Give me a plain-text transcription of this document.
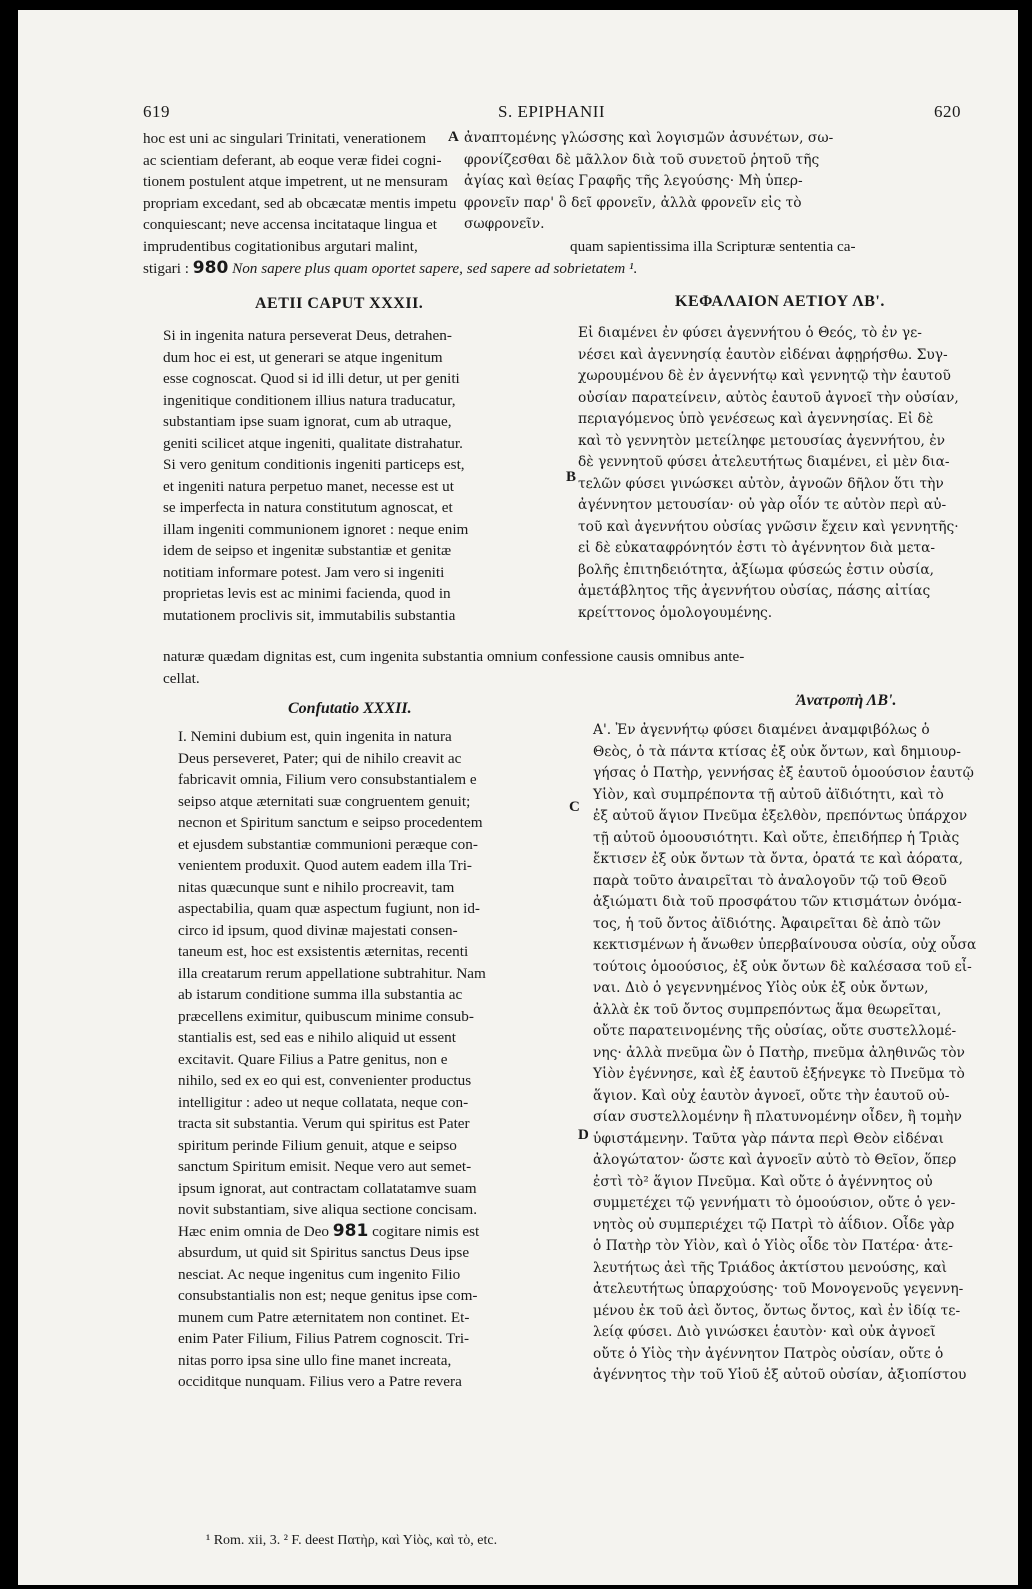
619	S. EPIPHANII	620
A
B
C
D
hoc est uni ac singulari Trinitati, venerationem
ac scientiam deferant, ab eoque veræ fidei cogni-
tionem postulent atque impetrent, ut ne mensuram
propriam excedant, sed ab obcæcatæ mentis impetu
conquiescant; neve accensa incitataque lingua et
ἀναπτομένης γλώσσης καὶ λογισμῶν ἀσυνέτων, σω-
φρονίζεσθαι δὲ μᾶλλον διὰ τοῦ συνετοῦ ῥητοῦ τῆς
ἁγίας καὶ θείας Γραφῆς τῆς λεγούσης· Μὴ ὑπερ-
φρονεῖν παρ' ὃ δεῖ φρονεῖν, ἀλλὰ φρονεῖν εἰς τὸ
σωφρονεῖν.
imprudentibus cogitationibus argutari malint,	quam sapientissima illa Scripturæ sententia ca-
stigari : 980 Non sapere plus quam oportet sapere, sed sapere ad sobrietatem ¹.
AETII CAPUT XXXII.	ΚΕΦΑΛΑΙΟΝ ΑΕΤΙΟΥ ΛΒ'.
Si in ingenita natura perseverat Deus, detrahen-
dum hoc ei est, ut generari se atque ingenitum
esse cognoscat. Quod si id illi detur, ut per geniti
ingenitique conditionem illius natura traducatur,
substantiam ipse suam ignorat, cum ab utraque,
geniti scilicet atque ingeniti, qualitate distrahatur.
Si vero genitum conditionis ingeniti particeps est,
et ingeniti natura perpetuo manet, necesse est ut
se imperfecta in natura constitutum agnoscat, et
illam ingeniti communionem ignoret : neque enim
idem de seipso et ingenitæ substantiæ et genitæ
notitiam informare potest. Jam vero si ingeniti
proprietas levis est ac minimi facienda, quod in
mutationem proclivis sit, immutabilis substantia
Εἰ διαμένει ἐν φύσει ἀγεννήτου ὁ Θεός, τὸ ἐν γε-
νέσει καὶ ἀγεννησίᾳ ἑαυτὸν εἰδέναι ἀφῃρήσθω. Συγ-
χωρουμένου δὲ ἐν ἀγεννήτῳ καὶ γεννητῷ τὴν ἑαυτοῦ
οὐσίαν παρατείνειν, αὐτὸς ἑαυτοῦ ἀγνοεῖ τὴν οὐσίαν,
περιαγόμενος ὑπὸ γενέσεως καὶ ἀγεννησίας. Εἰ δὲ
καὶ τὸ γεννητὸν μετείληφε μετουσίας ἀγεννήτου, ἐν
δὲ γεννητοῦ φύσει ἀτελευτήτως διαμένει, εἰ μὲν δια-
τελῶν φύσει γινώσκει αὐτὸν, ἀγνοῶν δῆλον ὅτι τὴν
ἀγέννητον μετουσίαν· οὐ γὰρ οἷόν τε αὐτὸν περὶ αὐ-
τοῦ καὶ ἀγεννήτου οὐσίας γνῶσιν ἔχειν καὶ γεννητῆς·
εἰ δὲ εὐκαταφρόνητόν ἐστι τὸ ἀγέννητον διὰ μετα-
βολῆς ἐπιτηδειότητα, ἀξίωμα φύσεώς ἐστιν οὐσία,
ἀμετάβλητος τῆς ἀγεννήτου οὐσίας, πάσης αἰτίας
κρείττονος ὁμολογουμένης.
naturæ quædam dignitas est, cum ingenita substantia omnium confessione causis omnibus ante-
cellat.
Confutatio XXXII.	Ἀνατροπὴ ΛΒ'.
I. Nemini dubium est, quin ingenita in natura
Deus perseveret, Pater; qui de nihilo creavit ac
fabricavit omnia, Filium vero consubstantialem e
seipso atque æternitati suæ congruentem genuit;
necnon et Spiritum sanctum e seipso procedentem
et ejusdem substantiæ communioni peræque con-
venientem produxit. Quod autem eadem illa Tri-
nitas quæcunque sunt e nihilo procreavit, tam
aspectabilia, quam quæ aspectum fugiunt, non id-
circo id ipsum, quod divinæ majestati consen-
taneum est, hoc est exsistentis æternitas, recenti
illa creatarum rerum appellatione subtrahitur. Nam
ab istarum conditione summa illa substantia ac
præcellens eximitur, quibuscum minime consub-
stantialis est, sed eas e nihilo aliquid ut essent
excitavit. Quare Filius a Patre genitus, non e
nihilo, sed ex eo qui est, convenienter productus
intelligitur : adeo ut neque collatata, neque con-
tracta sit substantia. Verum qui spiritus est Pater
spiritum perinde Filium genuit, atque e seipso
sanctum Spiritum emisit. Neque vero aut semet-
ipsum ignorat, aut contractam collatatamve suam
novit substantiam, sive aliqua sectione concisam.
Hæc enim omnia de Deo 981 cogitare nimis est
absurdum, ut quid sit Spiritus sanctus Deus ipse
nesciat. Ac neque ingenitus cum ingenito Filio
consubstantialis non est; neque genitus ipse com-
munem cum Patre æternitatem non continet. Et-
enim Pater Filium, Filius Patrem cognoscit. Tri-
nitas porro ipsa sine ullo fine manet increata,
occiditque nunquam. Filius vero a Patre revera
Α'. Ἐν ἀγεννήτῳ φύσει διαμένει ἀναμφιβόλως ὁ
Θεὸς, ὁ τὰ πάντα κτίσας ἐξ οὐκ ὄντων, καὶ δημιουρ-
γήσας ὁ Πατὴρ, γεννήσας ἐξ ἑαυτοῦ ὁμοούσιον ἑαυτῷ
Υἱὸν, καὶ συμπρέποντα τῇ αὐτοῦ ἀϊδιότητι, καὶ τὸ
ἐξ αὐτοῦ ἅγιον Πνεῦμα ἐξελθὸν, πρεπόντως ὑπάρχον
τῇ αὐτοῦ ὁμοουσιότητι. Καὶ οὔτε, ἐπειδήπερ ἡ Τριὰς
ἔκτισεν ἐξ οὐκ ὄντων τὰ ὄντα, ὁρατά τε καὶ ἀόρατα,
παρὰ τοῦτο ἀναιρεῖται τὸ ἀναλογοῦν τῷ τοῦ Θεοῦ
ἀξιώματι διὰ τοῦ προσφάτου τῶν κτισμάτων ὀνόμα-
τος, ἡ τοῦ ὄντος ἀϊδιότης. Ἀφαιρεῖται δὲ ἀπὸ τῶν
κεκτισμένων ἡ ἄνωθεν ὑπερβαίνουσα οὐσία, οὐχ οὖσα
τούτοις ὁμοούσιος, ἐξ οὐκ ὄντων δὲ καλέσασα τοῦ εἶ-
ναι. Διὸ ὁ γεγεννημένος Υἱὸς οὐκ ἐξ οὐκ ὄντων,
ἀλλὰ ἐκ τοῦ ὄντος συμπρεπόντως ἅμα θεωρεῖται,
οὔτε παρατεινομένης τῆς οὐσίας, οὔτε συστελλομέ-
νης· ἀλλὰ πνεῦμα ὢν ὁ Πατὴρ, πνεῦμα ἀληθινῶς τὸν
Υἱὸν ἐγέννησε, καὶ ἐξ ἑαυτοῦ ἐξήνεγκε τὸ Πνεῦμα τὸ
ἅγιον. Καὶ οὐχ ἑαυτὸν ἀγνοεῖ, οὔτε τὴν ἑαυτοῦ οὐ-
σίαν συστελλομένην ἢ πλατυνομένην οἶδεν, ἢ τομὴν
ὑφιστάμενην. Ταῦτα γὰρ πάντα περὶ Θεὸν εἰδέναι
ἀλογώτατον· ὥστε καὶ ἀγνοεῖν αὐτὸ τὸ Θεῖον, ὅπερ
ἐστὶ τὸ² ἅγιον Πνεῦμα. Καὶ οὔτε ὁ ἀγέννητος οὐ
συμμετέχει τῷ γεννήματι τὸ ὁμοούσιον, οὔτε ὁ γεν-
νητὸς οὐ συμπεριέχει τῷ Πατρὶ τὸ ἀΐδιον. Οἶδε γὰρ
ὁ Πατὴρ τὸν Υἱὸν, καὶ ὁ Υἱὸς οἶδε τὸν Πατέρα· ἀτε-
λευτήτως ἀεὶ τῆς Τριάδος ἀκτίστου μενούσης, καὶ
ἀτελευτήτως ὑπαρχούσης· τοῦ Μονογενοῦς γεγεννη-
μένου ἐκ τοῦ ἀεὶ ὄντος, ὄντως ὄντος, καὶ ἐν ἰδίᾳ τε-
λείᾳ φύσει. Διὸ γινώσκει ἑαυτὸν· καὶ οὐκ ἀγνοεῖ
οὔτε ὁ Υἱὸς τὴν ἀγέννητον Πατρὸς οὐσίαν, οὔτε ὁ
ἀγέννητος τὴν τοῦ Υἱοῦ ἐξ αὐτοῦ οὐσίαν, ἀξιοπίστου
¹ Rom. xii, 3. ² F. deest Πατὴρ, καὶ Υἱὸς, καὶ τὸ, etc.
